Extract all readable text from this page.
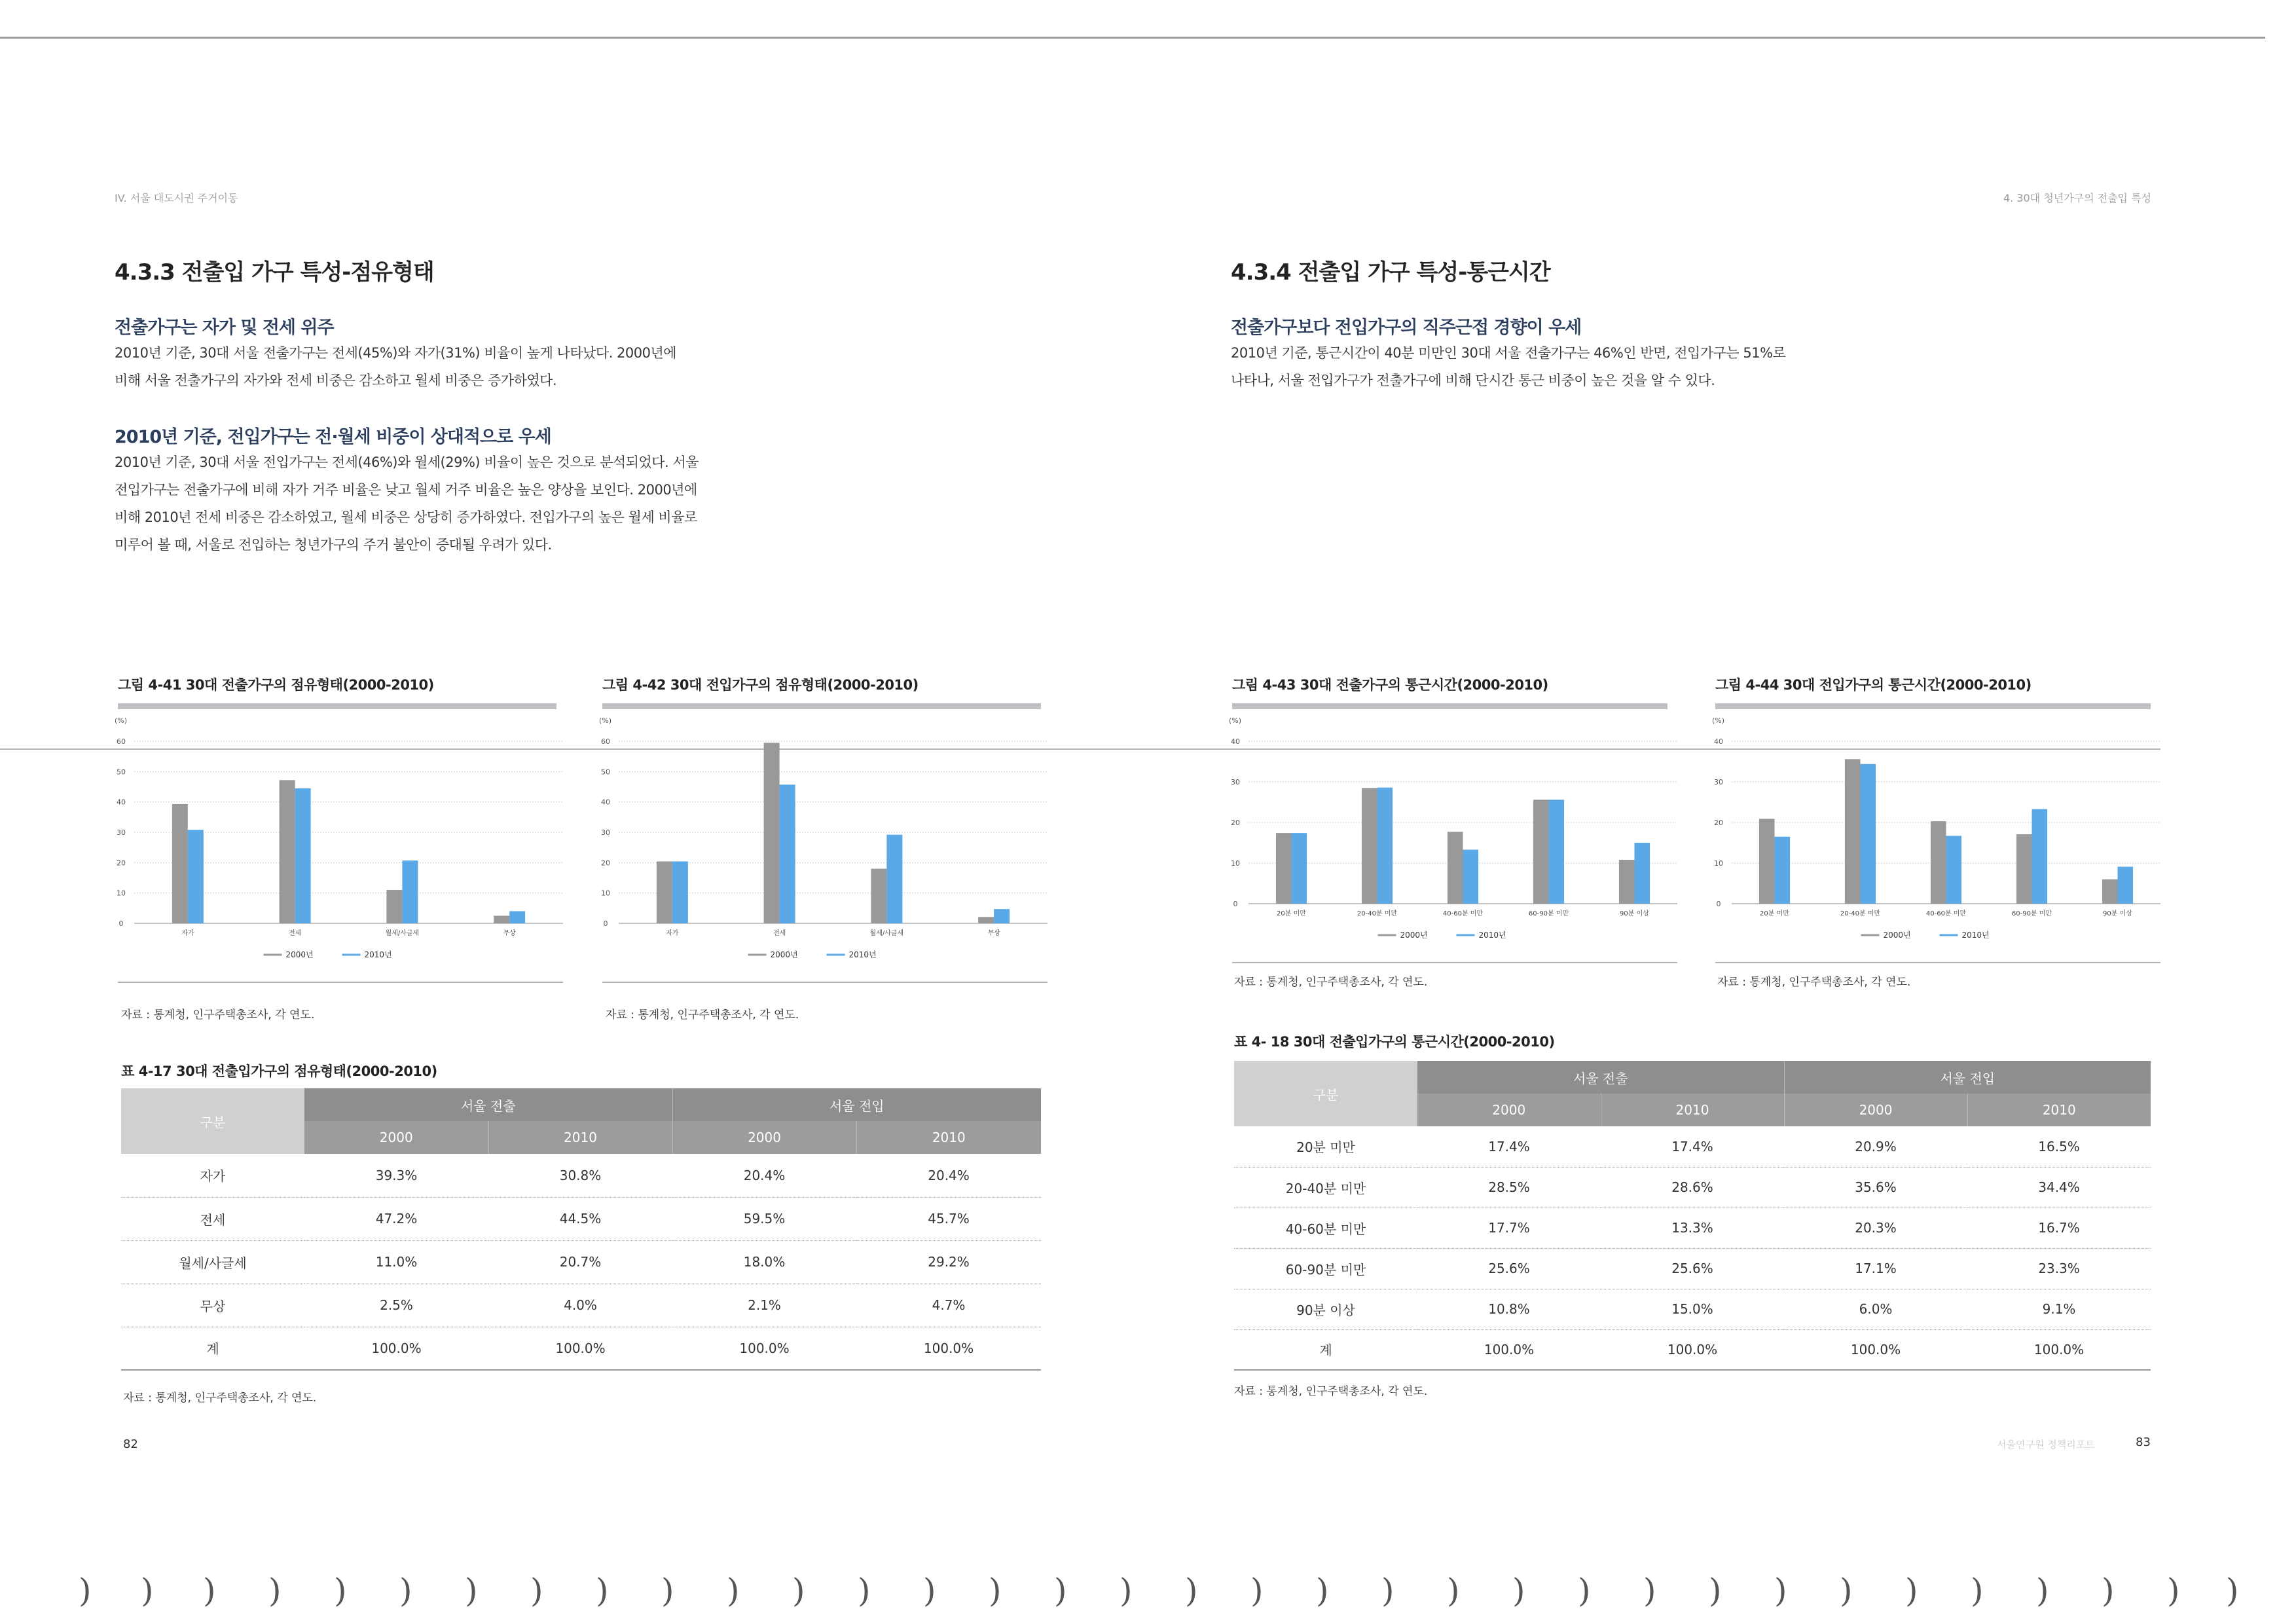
IV. 서울 대도시권 주거이동
4.3.3 전출입 가구 특성-점유형태
전출가구는 자가 및 전세 위주
2010년 기준, 30대 서울 전출가구는 전세(45%)와 자가(31%) 비율이 높게 나타났다. 2000년에
비해 서울 전출가구의 자가와 전세 비중은 감소하고 월세 비중은 증가하였다.
2010년 기준, 전입가구는 전·월세 비중이 상대적으로 우세
2010년 기준, 30대 서울 전입가구는 전세(46%)와 월세(29%) 비율이 높은 것으로 분석되었다. 서울
전입가구는 전출가구에 비해 자가 거주 비율은 낮고 월세 거주 비율은 높은 양상을 보인다. 2000년에
비해 2010년 전세 비중은 감소하였고, 월세 비중은 상당히 증가하였다. 전입가구의 높은 월세 비율로
미루어 볼 때, 서울로 전입하는 청년가구의 주거 불안이 증대될 우려가 있다.
그림 4-41 30대 전출가구의 점유형태(2000-2010)
(%)
0
10
20
30
40
50
60
자가	전세	월세/사글세	무상
2000년	2010년
자료 : 통계청, 인구주택총조사, 각 연도.
그림 4-42 30대 전입가구의 점유형태(2000-2010)
(%)
0
10
20
30
40
50
60
자가	전세	월세/사글세	무상
2000년	2010년
자료 : 통계청, 인구주택총조사, 각 연도.
표 4-17 30대 전출입가구의 점유형태(2000-2010)
구분	서울 전출		서울 전입	
	2000	2010	2000	2010
자가	39.3%	30.8%	20.4%	20.4%
전세	47.2%	44.5%	59.5%	45.7%
월세/사글세	11.0%	20.7%	18.0%	29.2%
무상	2.5%	4.0%	2.1%	4.7%
계	100.0%	100.0%	100.0%	100.0%
자료 : 통계청, 인구주택총조사, 각 연도.
82
4. 30대 청년가구의 전출입 특성
4.3.4 전출입 가구 특성-통근시간
전출가구보다 전입가구의 직주근접 경향이 우세
2010년 기준, 통근시간이 40분 미만인 30대 서울 전출가구는 46%인 반면, 전입가구는 51%로
나타나, 서울 전입가구가 전출가구에 비해 단시간 통근 비중이 높은 것을 알 수 있다.
그림 4-43 30대 전출가구의 통근시간(2000-2010)
(%)
0
10
20
30
40
20분 미만	20-40분 미만	40-60분 미만	60-90분 미만	90분 이상
2000년	2010년
자료 : 통계청, 인구주택총조사, 각 연도.
그림 4-44 30대 전입가구의 통근시간(2000-2010)
(%)
0
10
20
30
40
20분 미만	20-40분 미만	40-60분 미만	60-90분 미만	90분 이상
2000년	2010년
자료 : 통계청, 인구주택총조사, 각 연도.
표 4- 18 30대 전출입가구의 통근시간(2000-2010)
구분	서울 전출		서울 전입	
	2000	2010	2000	2010
20분 미만	17.4%	17.4%	20.9%	16.5%
20-40분 미만	28.5%	28.6%	35.6%	34.4%
40-60분 미만	17.7%	13.3%	20.3%	16.7%
60-90분 미만	25.6%	25.6%	17.1%	23.3%
90분 이상	10.8%	15.0%	6.0%	9.1%
계	100.0%	100.0%	100.0%	100.0%
자료 : 통계청, 인구주택총조사, 각 연도.
서울연구원 정책리포트	83
) ) ) ) ) ) ) ) ) ) ) ) ) ) ) ) ) ) ) ) ) ) ) ) ) ) ) ) ) ) ) ) ) )
